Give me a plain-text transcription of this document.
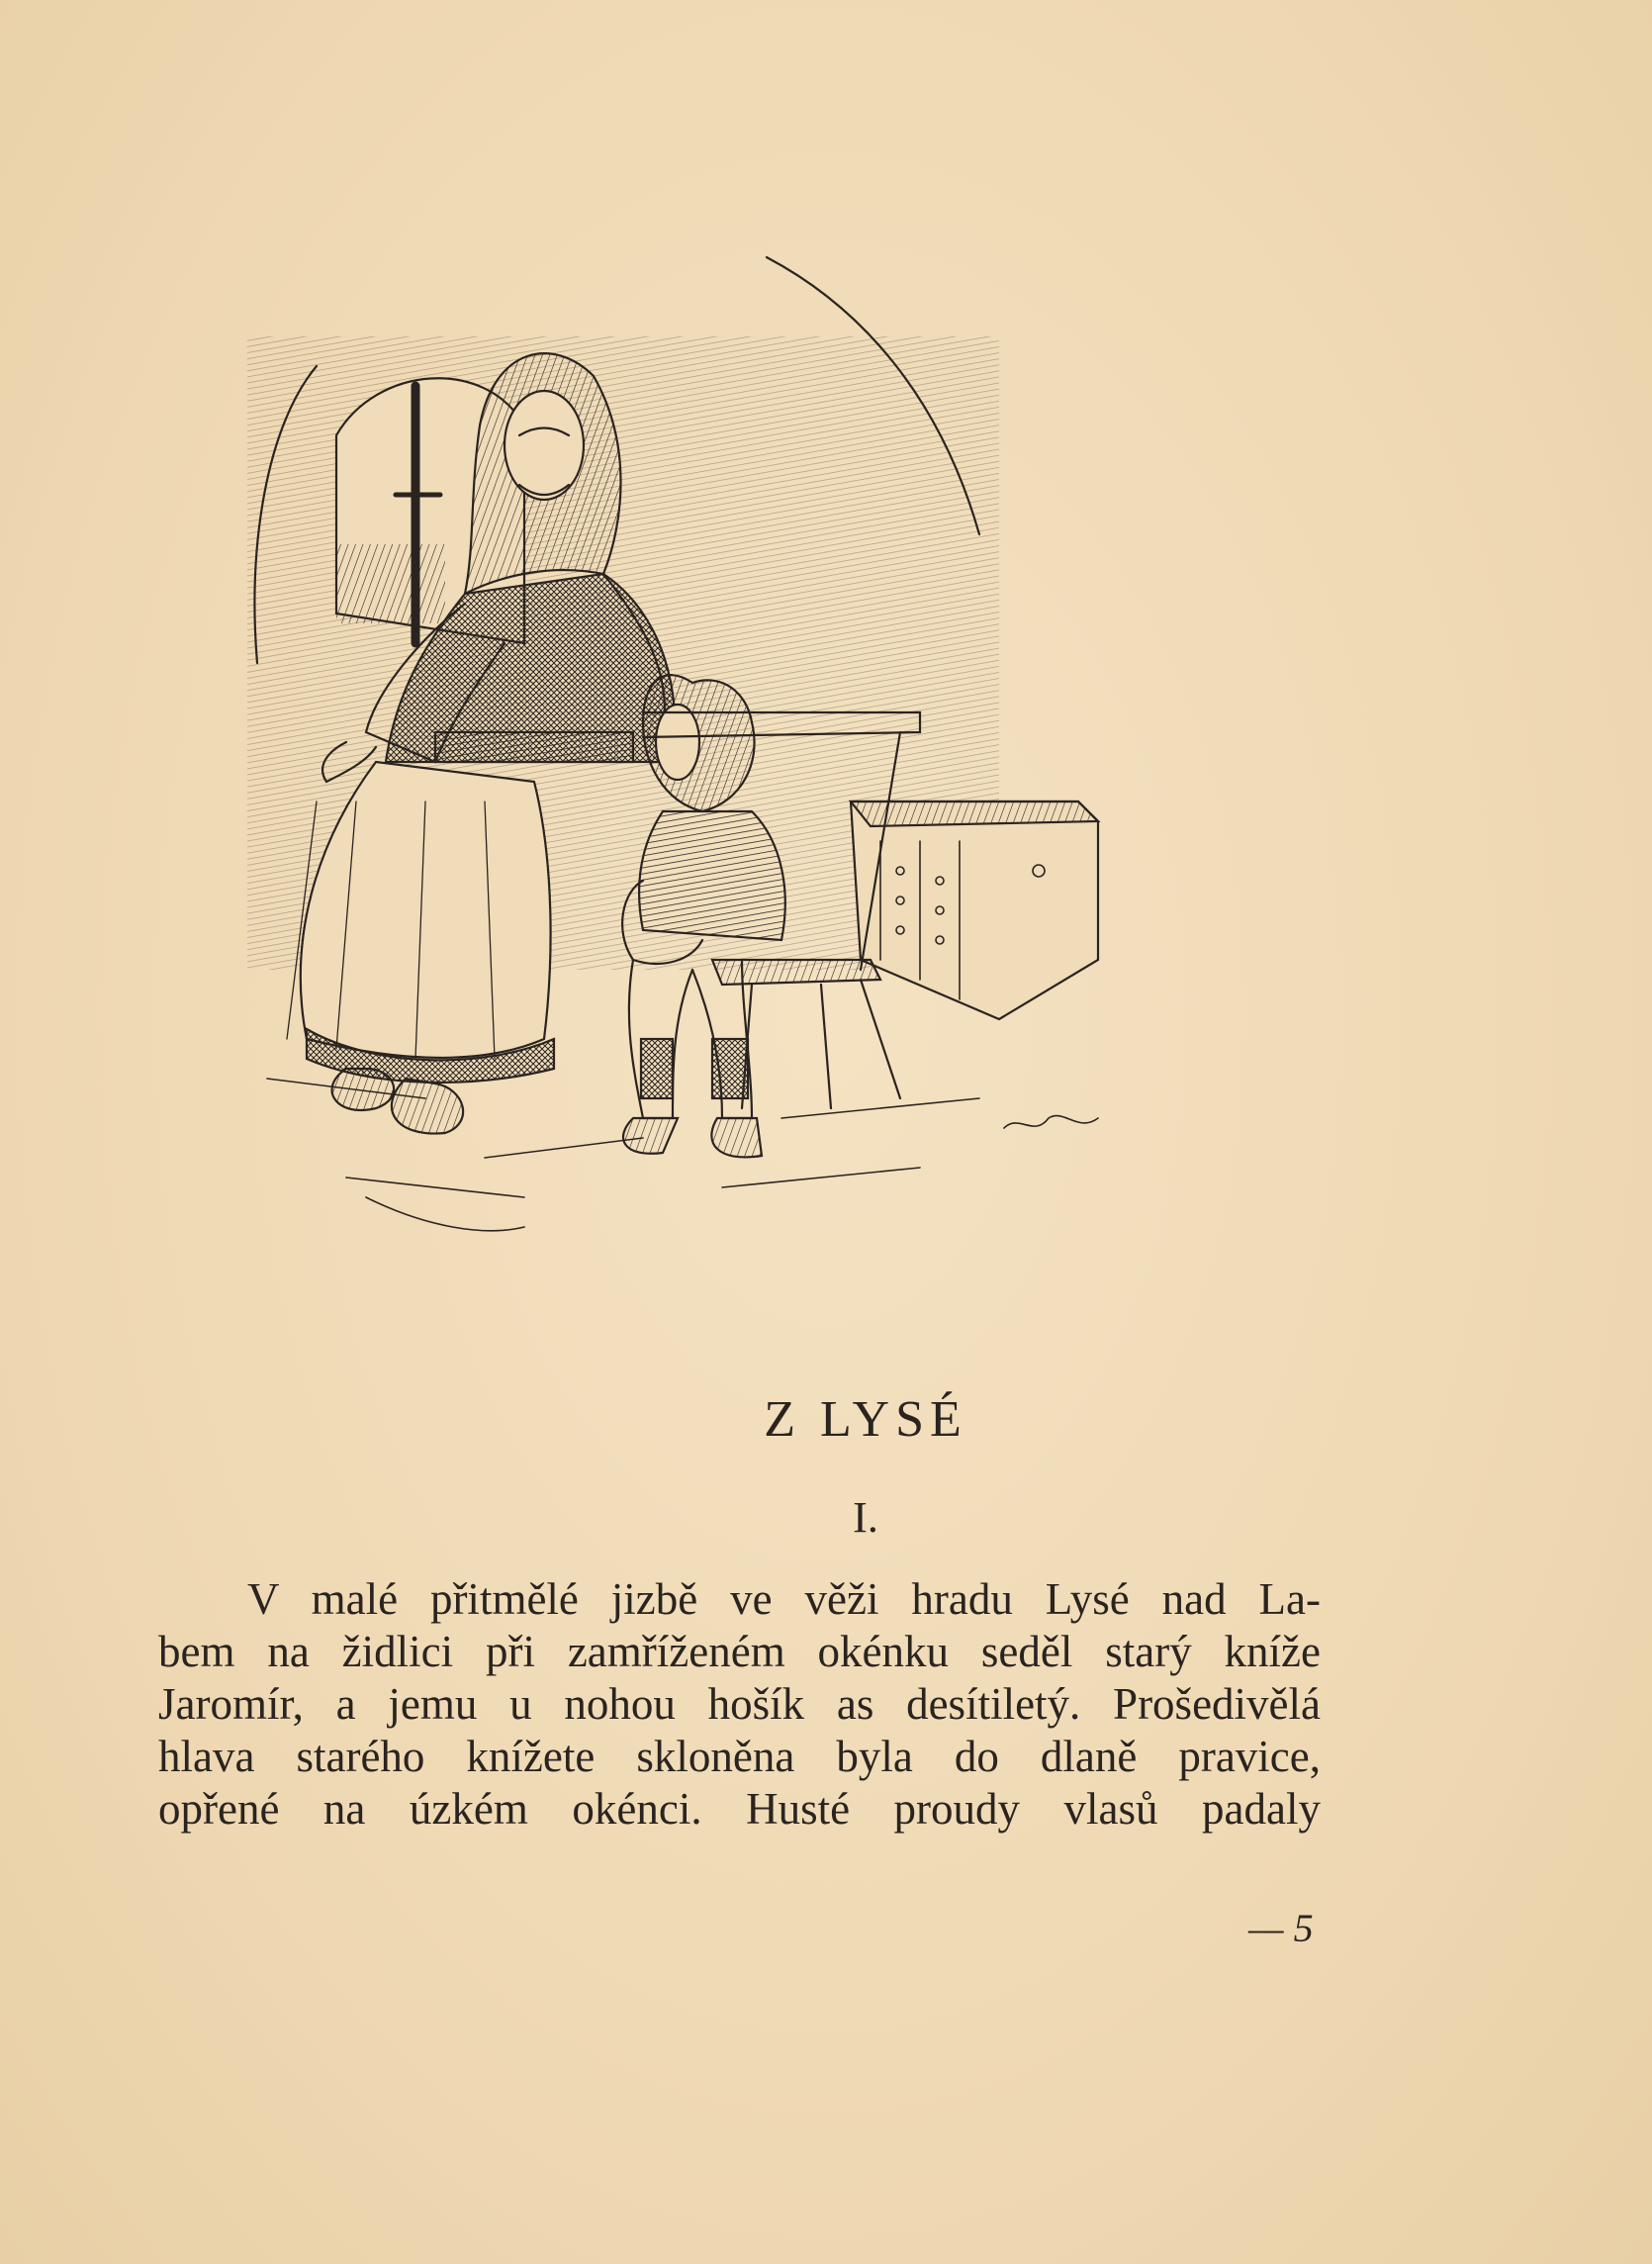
Z LYSÉ
I.
V malé přitmělé jizbě ve věži hradu Lysé nad La-
bem na židlici při zamříženém okénku seděl starý kníže
Jaromír, a jemu u nohou hošík as desítiletý. Prošedivělá
hlava starého knížete skloněna byla do dlaně pravice,
opřené na úzkém okénci. Husté proudy vlasů padaly
— 5
